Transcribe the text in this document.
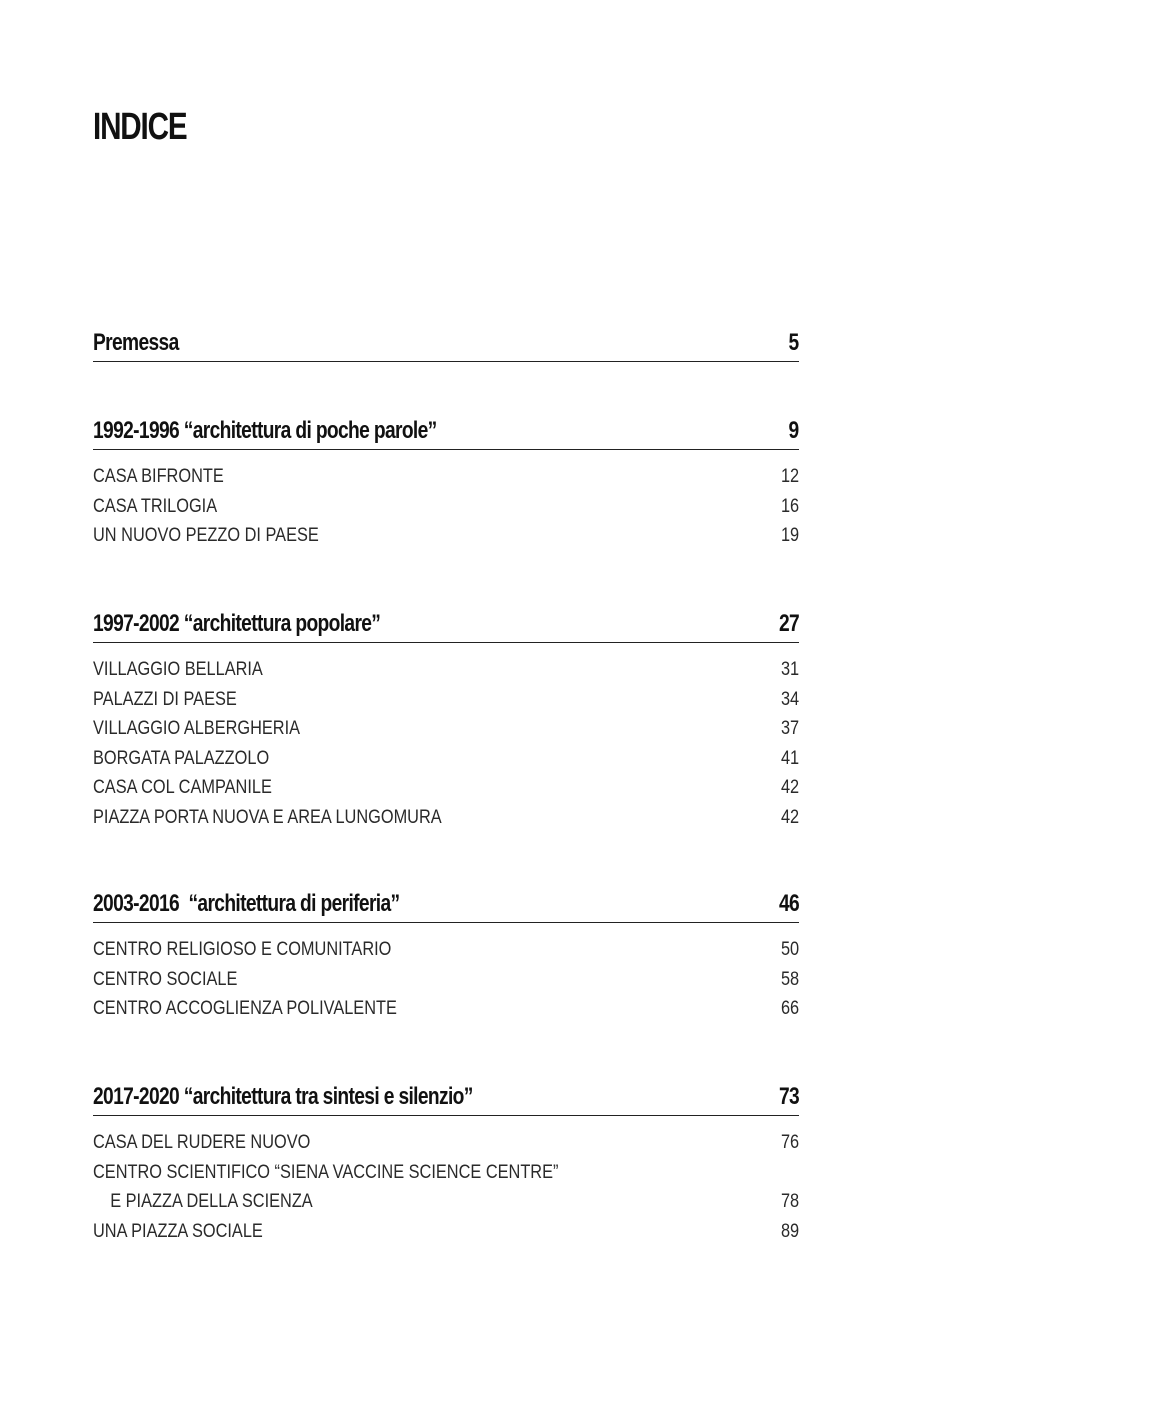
INDICE
Premessa	5
1992-1996 “architettura di poche parole”	9
CASA BIFRONTE	12
CASA TRILOGIA	16
UN NUOVO PEZZO DI PAESE	19
1997-2002 “architettura popolare”	27
VILLAGGIO BELLARIA	31
PALAZZI DI PAESE	34
VILLAGGIO ALBERGHERIA	37
BORGATA PALAZZOLO	41
CASA COL CAMPANILE	42
PIAZZA PORTA NUOVA E AREA LUNGOMURA	42
2003-2016  “architettura di periferia”	46
CENTRO RELIGIOSO E COMUNITARIO	50
CENTRO SOCIALE	58
CENTRO ACCOGLIENZA POLIVALENTE	66
2017-2020 “architettura tra sintesi e silenzio”	73
CASA DEL RUDERE NUOVO	76
CENTRO SCIENTIFICO “SIENA VACCINE SCIENCE CENTRE”
E PIAZZA DELLA SCIENZA	78
UNA PIAZZA SOCIALE	89
